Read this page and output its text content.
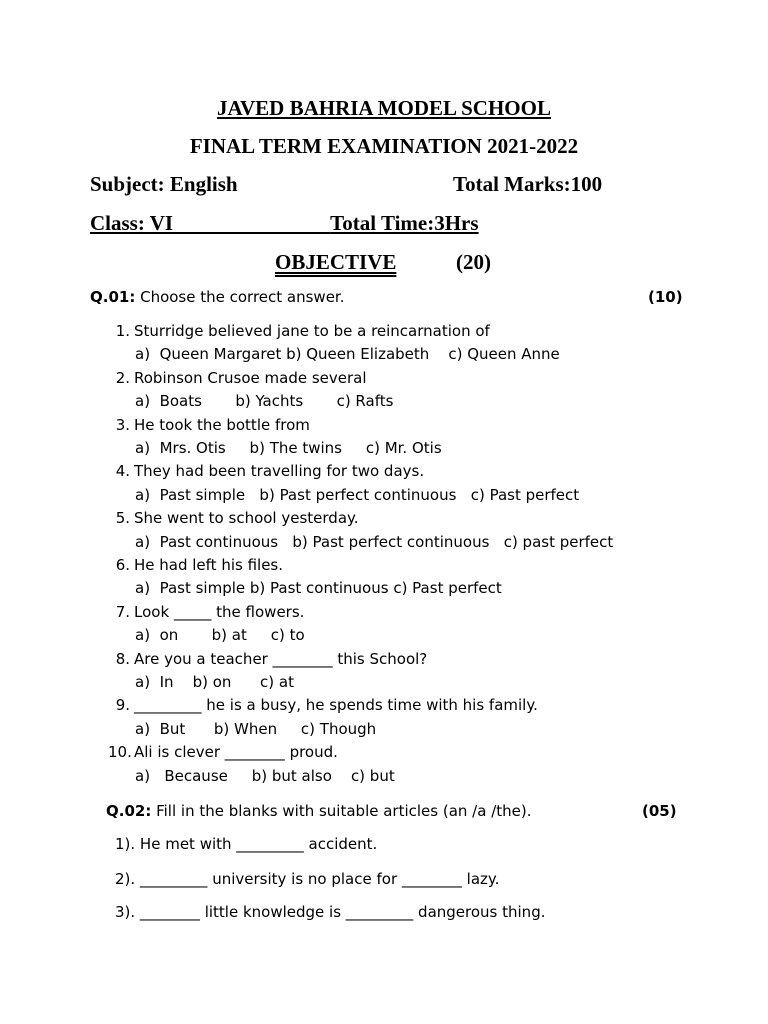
JAVED BAHRIA MODEL SCHOOL
FINAL TERM EXAMINATION 2021-2022
Subject: English	Total Marks:100
Class: VI	Total Time:3Hrs
OBJECTIVE	(20)
Q.01: Choose the correct answer.	(10)
1. Sturridge believed jane to be a reincarnation of
a)  Queen Margaret b) Queen Elizabeth    c) Queen Anne
2. Robinson Crusoe made several
a)  Boats       b) Yachts       c) Rafts
3. He took the bottle from
a)  Mrs. Otis     b) The twins     c) Mr. Otis
4. They had been travelling for two days.
a)  Past simple   b) Past perfect continuous   c) Past perfect
5. She went to school yesterday.
a)  Past continuous   b) Past perfect continuous   c) past perfect
6. He had left his files.
a)  Past simple b) Past continuous c) Past perfect
7. Look _____ the flowers.
a)  on       b) at     c) to
8. Are you a teacher ________ this School?
a)  In    b) on      c) at
9. _________ he is a busy, he spends time with his family.
a)  But      b) When     c) Though
10. Ali is clever ________ proud.
a)   Because     b) but also    c) but
Q.02: Fill in the blanks with suitable articles (an /a /the).	(05)
1). He met with _________ accident.
2). _________ university is no place for ________ lazy.
3). ________ little knowledge is _________ dangerous thing.
